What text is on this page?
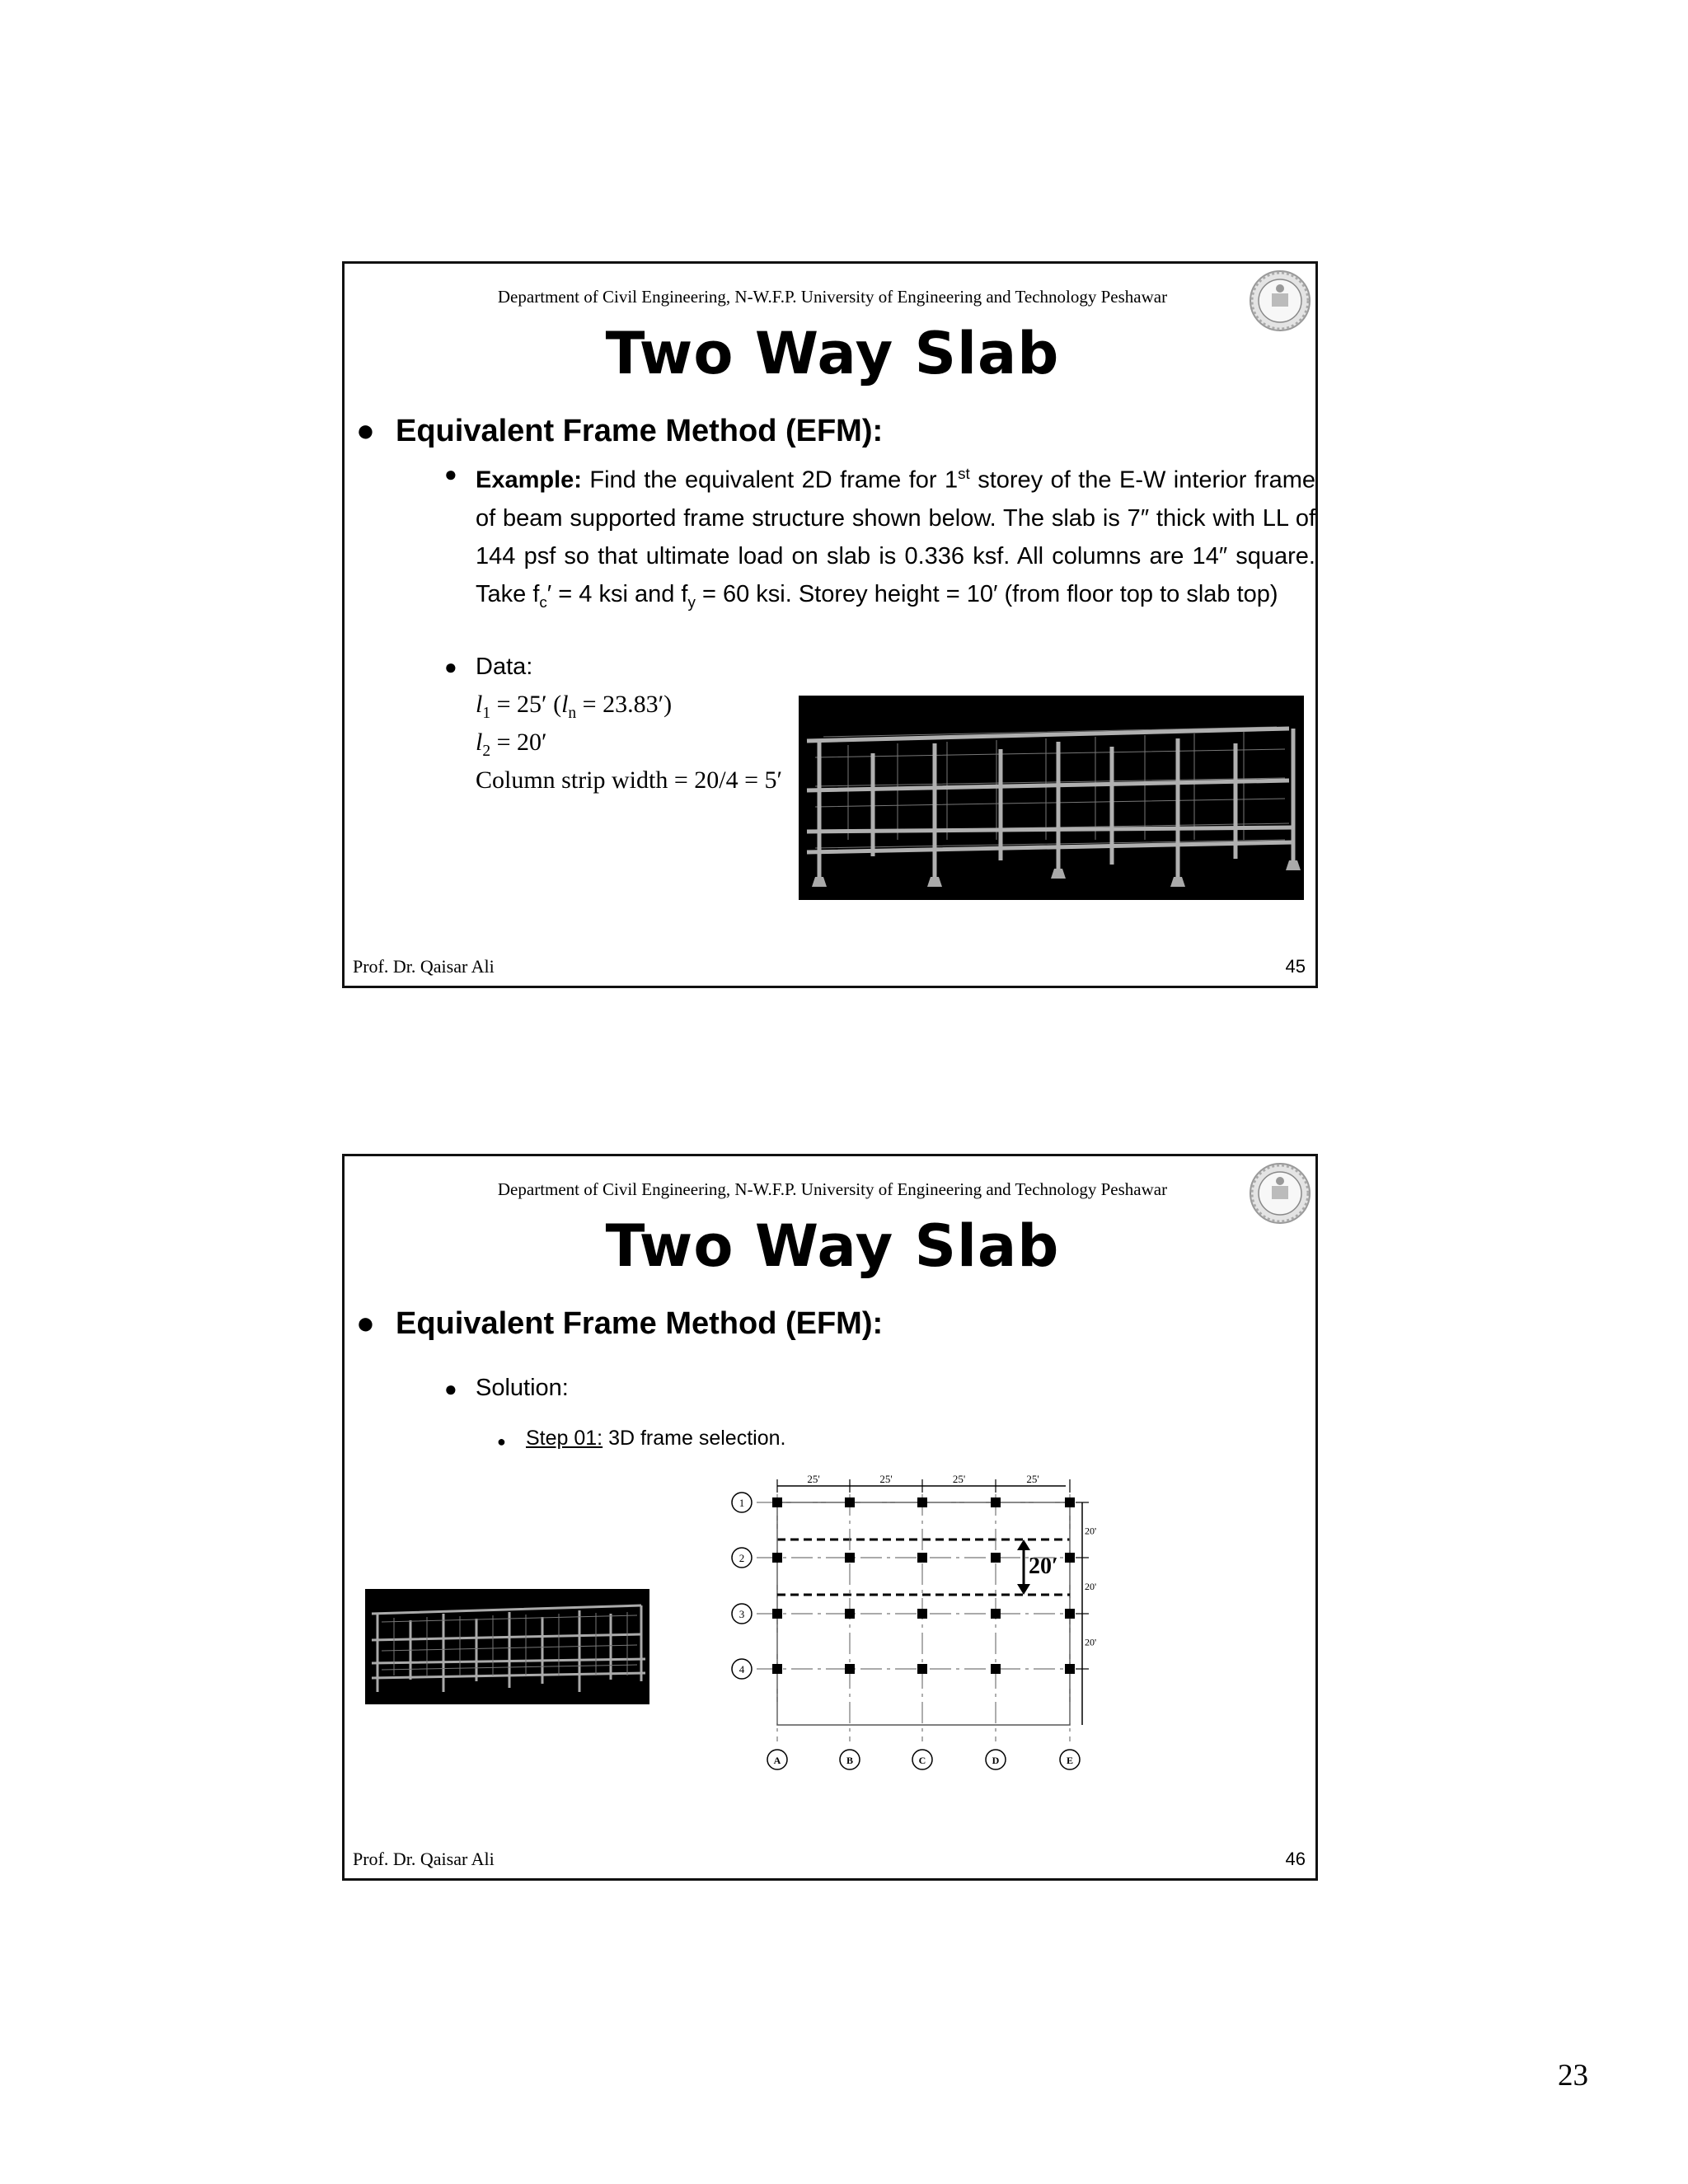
Department of Civil Engineering, N-W.F.P. University of Engineering and Technology Peshawar
Two Way Slab
● Equivalent Frame Method (EFM):
● Example: Find the equivalent 2D frame for 1st storey of the E-W interior frame of beam supported frame structure shown below. The slab is 7″ thick with LL of 144 psf so that ultimate load on slab is 0.336 ksf. All columns are 14″ square. Take $f_c' = 4$ ksi and $f_y = 60$ ksi. Storey height = 10′ (from floor top to slab top)
● Data:
$l_1 = 25'$ $(l_n = 23.83')$
$l_2 = 20'$
Column strip width = 20/4 = 5′
Prof. Dr. Qaisar Ali	45
Department of Civil Engineering, N-W.F.P. University of Engineering and Technology Peshawar
Two Way Slab
● Equivalent Frame Method (EFM):
● Solution:
● Step 01: 3D frame selection.
20′
1
2
3
4
A	B	C	D	E
25'	25'	25'	25'
20'
20'
20'
Prof. Dr. Qaisar Ali	46
23
